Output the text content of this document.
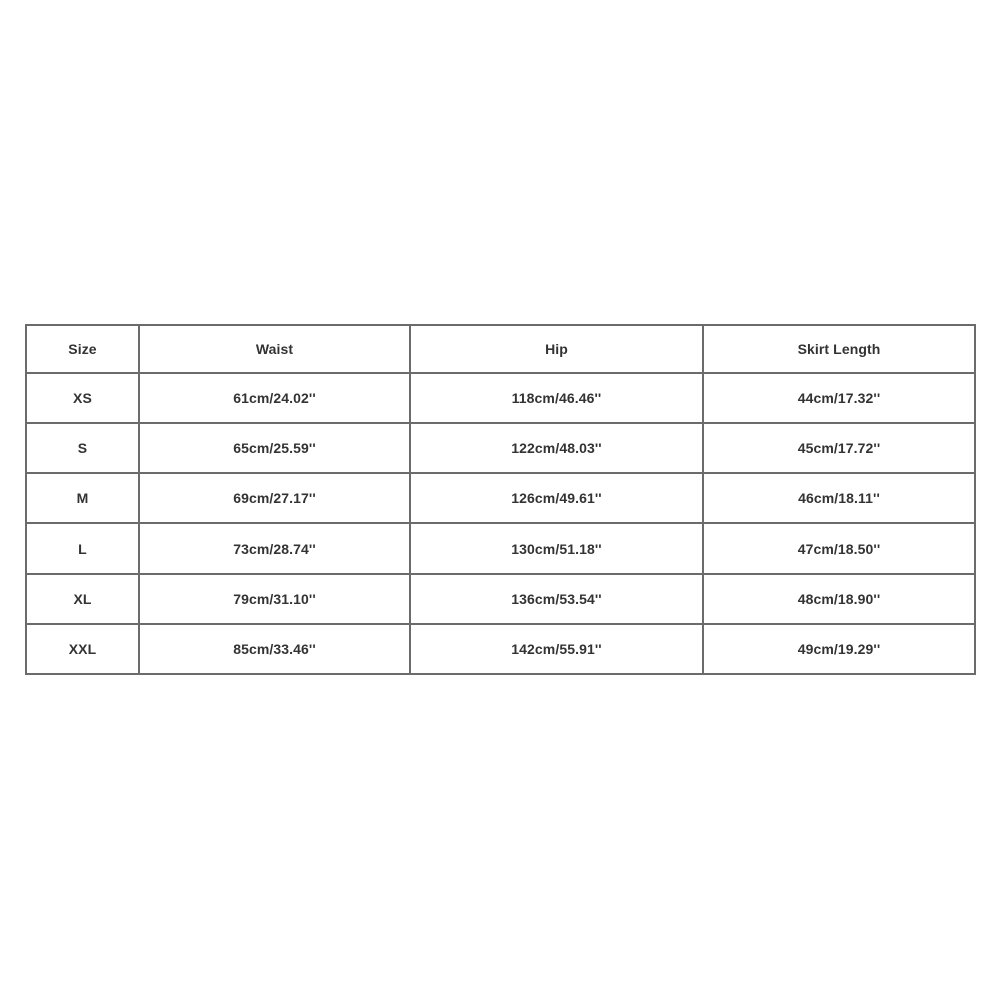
Size	Waist	Hip	Skirt Length
XS	61cm/24.02''	118cm/46.46''	44cm/17.32''
S	65cm/25.59''	122cm/48.03''	45cm/17.72''
M	69cm/27.17''	126cm/49.61''	46cm/18.11''
L	73cm/28.74''	130cm/51.18''	47cm/18.50''
XL	79cm/31.10''	136cm/53.54''	48cm/18.90''
XXL	85cm/33.46''	142cm/55.91''	49cm/19.29''
